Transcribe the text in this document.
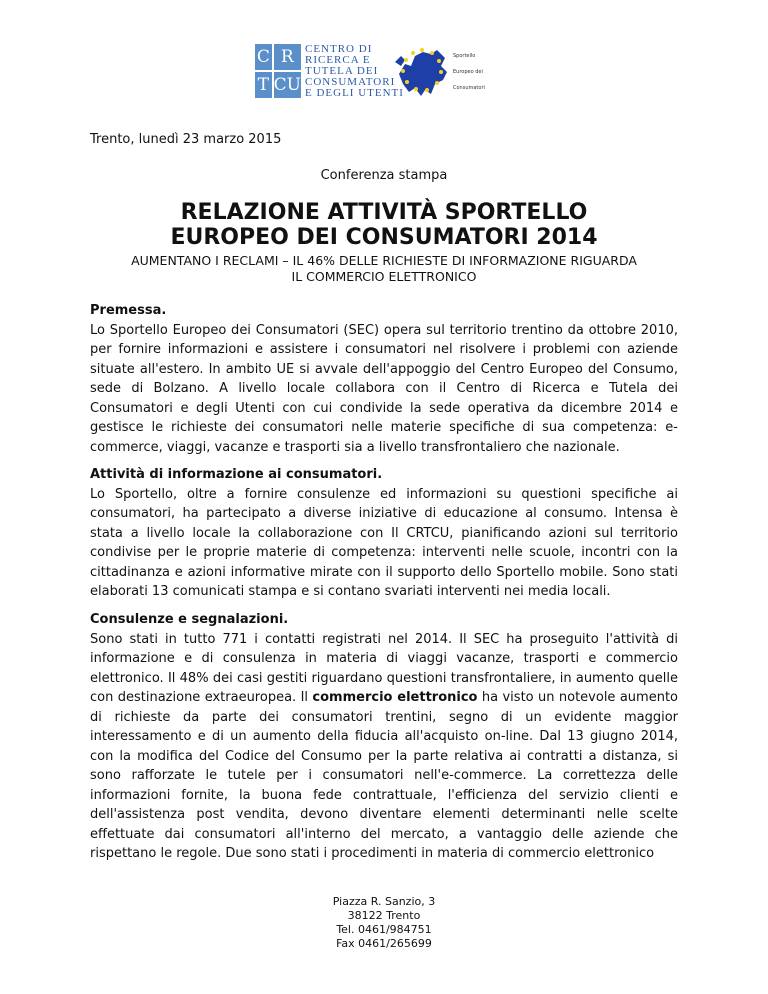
C R
T C U
CENTRO DI
RICERCA E
TUTELA DEI
CONSUMATORI
E DEGLI UTENTI
Sportello
Europeo dei
Consumatori
Trento, lunedì 23 marzo 2015
Conferenza stampa
RELAZIONE ATTIVITÀ SPORTELLO
EUROPEO DEI CONSUMATORI 2014
AUMENTANO I RECLAMI – IL 46% DELLE RICHIESTE DI INFORMAZIONE RIGUARDA
IL COMMERCIO ELETTRONICO
Premessa.

Lo Sportello Europeo dei Consumatori (SEC) opera sul territorio trentino da ottobre 2010, per fornire informazioni e assistere i consumatori nel risolvere i problemi con aziende situate all'estero. In ambito UE si avvale dell'appoggio del Centro Europeo del Consumo, sede di Bolzano. A livello locale collabora con il Centro di Ricerca e Tutela dei Consumatori e degli Utenti con cui condivide la sede operativa da dicembre 2014 e gestisce le richieste dei consumatori nelle materie specifiche di sua competenza: e-commerce, viaggi, vacanze e trasporti sia a livello transfrontaliero che nazionale.

Attività di informazione ai consumatori.

Lo Sportello, oltre a fornire consulenze ed informazioni su questioni specifiche ai consumatori, ha partecipato a diverse iniziative di educazione al consumo. Intensa è stata a livello locale la collaborazione con Il CRTCU, pianificando azioni sul territorio condivise per le proprie materie di competenza: interventi nelle scuole, incontri con la cittadinanza e azioni informative mirate con il supporto dello Sportello mobile. Sono stati elaborati 13 comunicati stampa e si contano svariati interventi nei media locali.

Consulenze e segnalazioni.

Sono stati in tutto 771 i contatti registrati nel 2014. Il SEC ha proseguito l'attività di informazione e di consulenza in materia di viaggi vacanze, trasporti e commercio elettronico. Il 48% dei casi gestiti riguardano questioni transfrontaliere, in aumento quelle con destinazione extraeuropea. Il commercio elettronico ha visto un notevole aumento di richieste da parte dei consumatori trentini, segno di un evidente maggior interessamento e di un aumento della fiducia all'acquisto on-line. Dal 13 giugno 2014, con la modifica del Codice del Consumo per la parte relativa ai contratti a distanza, si sono rafforzate le tutele per i consumatori nell'e-commerce. La correttezza delle informazioni fornite, la buona fede contrattuale, l'efficienza del servizio clienti e dell'assistenza post vendita, devono diventare elementi determinanti nelle scelte effettuate dai consumatori all'interno del mercato, a vantaggio delle aziende che rispettano le regole. Due sono stati i procedimenti in materia di commercio elettronico

Piazza R. Sanzio, 3
38122 Trento
Tel. 0461/984751
Fax 0461/265699
